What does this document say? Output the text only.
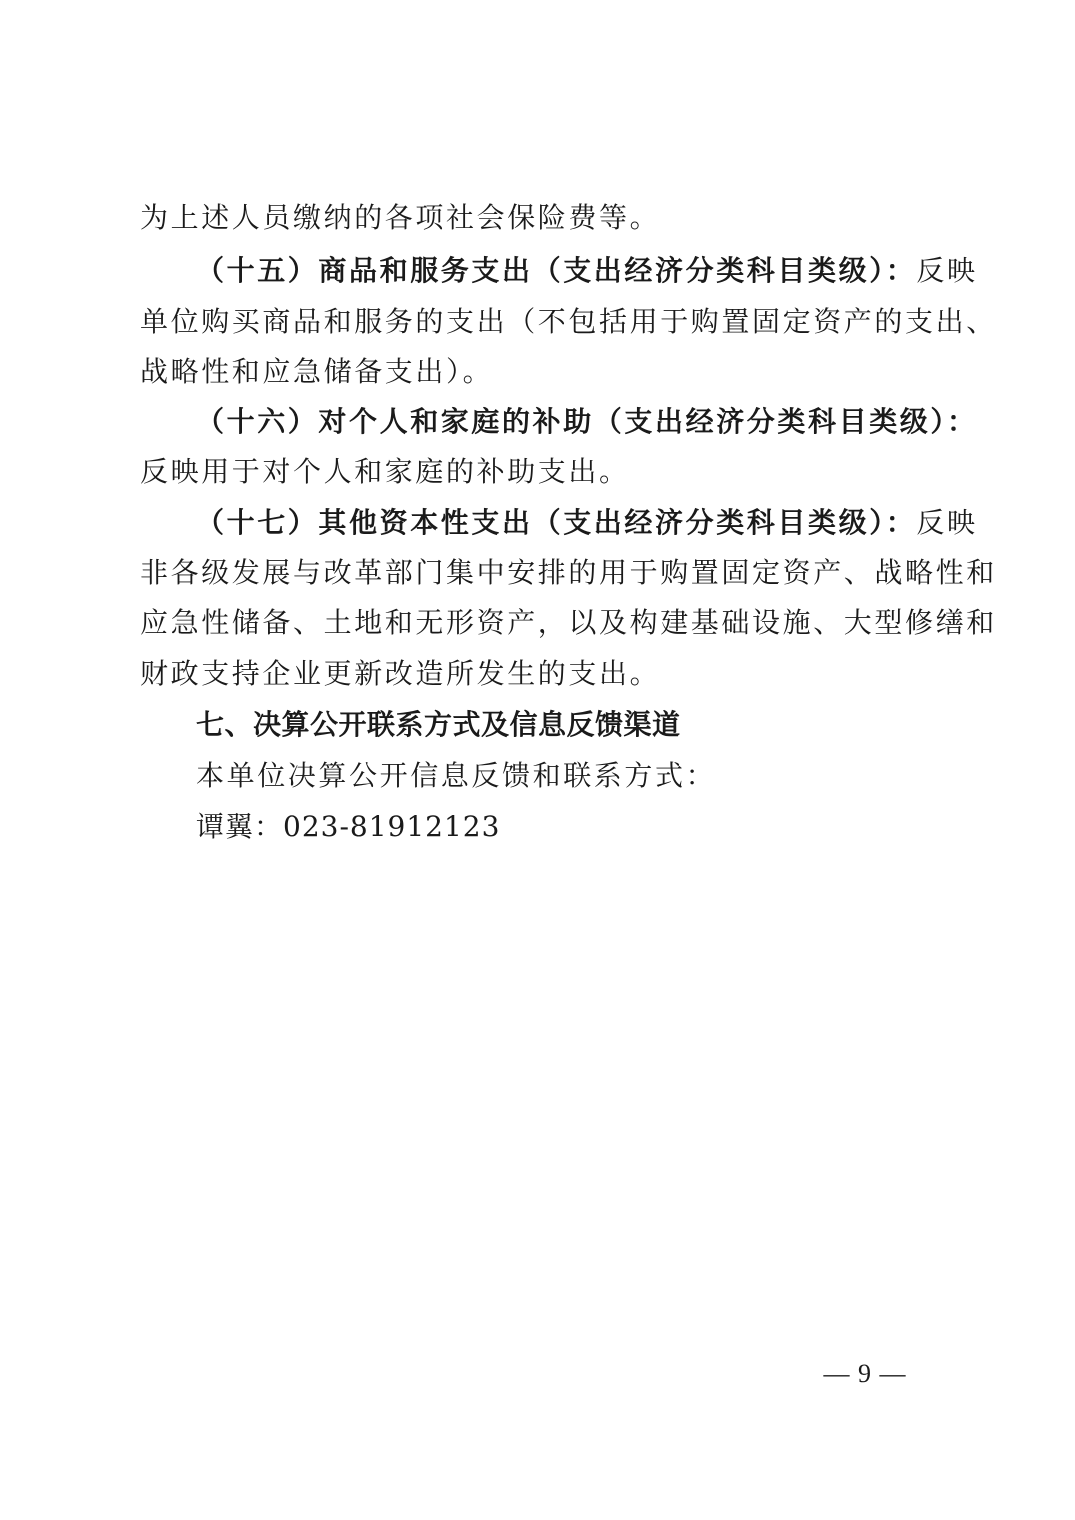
为上述人员缴纳的各项社会保险费等。
（十五）商品和服务支出（支出经济分类科目类级）：反映
单位购买商品和服务的支出（不包括用于购置固定资产的支出、
战略性和应急储备支出）。
（十六）对个人和家庭的补助（支出经济分类科目类级）：
反映用于对个人和家庭的补助支出。
（十七）其他资本性支出（支出经济分类科目类级）：反映
非各级发展与改革部门集中安排的用于购置固定资产、战略性和
应急性储备、土地和无形资产，以及构建基础设施、大型修缮和
财政支持企业更新改造所发生的支出。
七、决算公开联系方式及信息反馈渠道
本单位决算公开信息反馈和联系方式：
谭翼：023-81912123
— 9 —
